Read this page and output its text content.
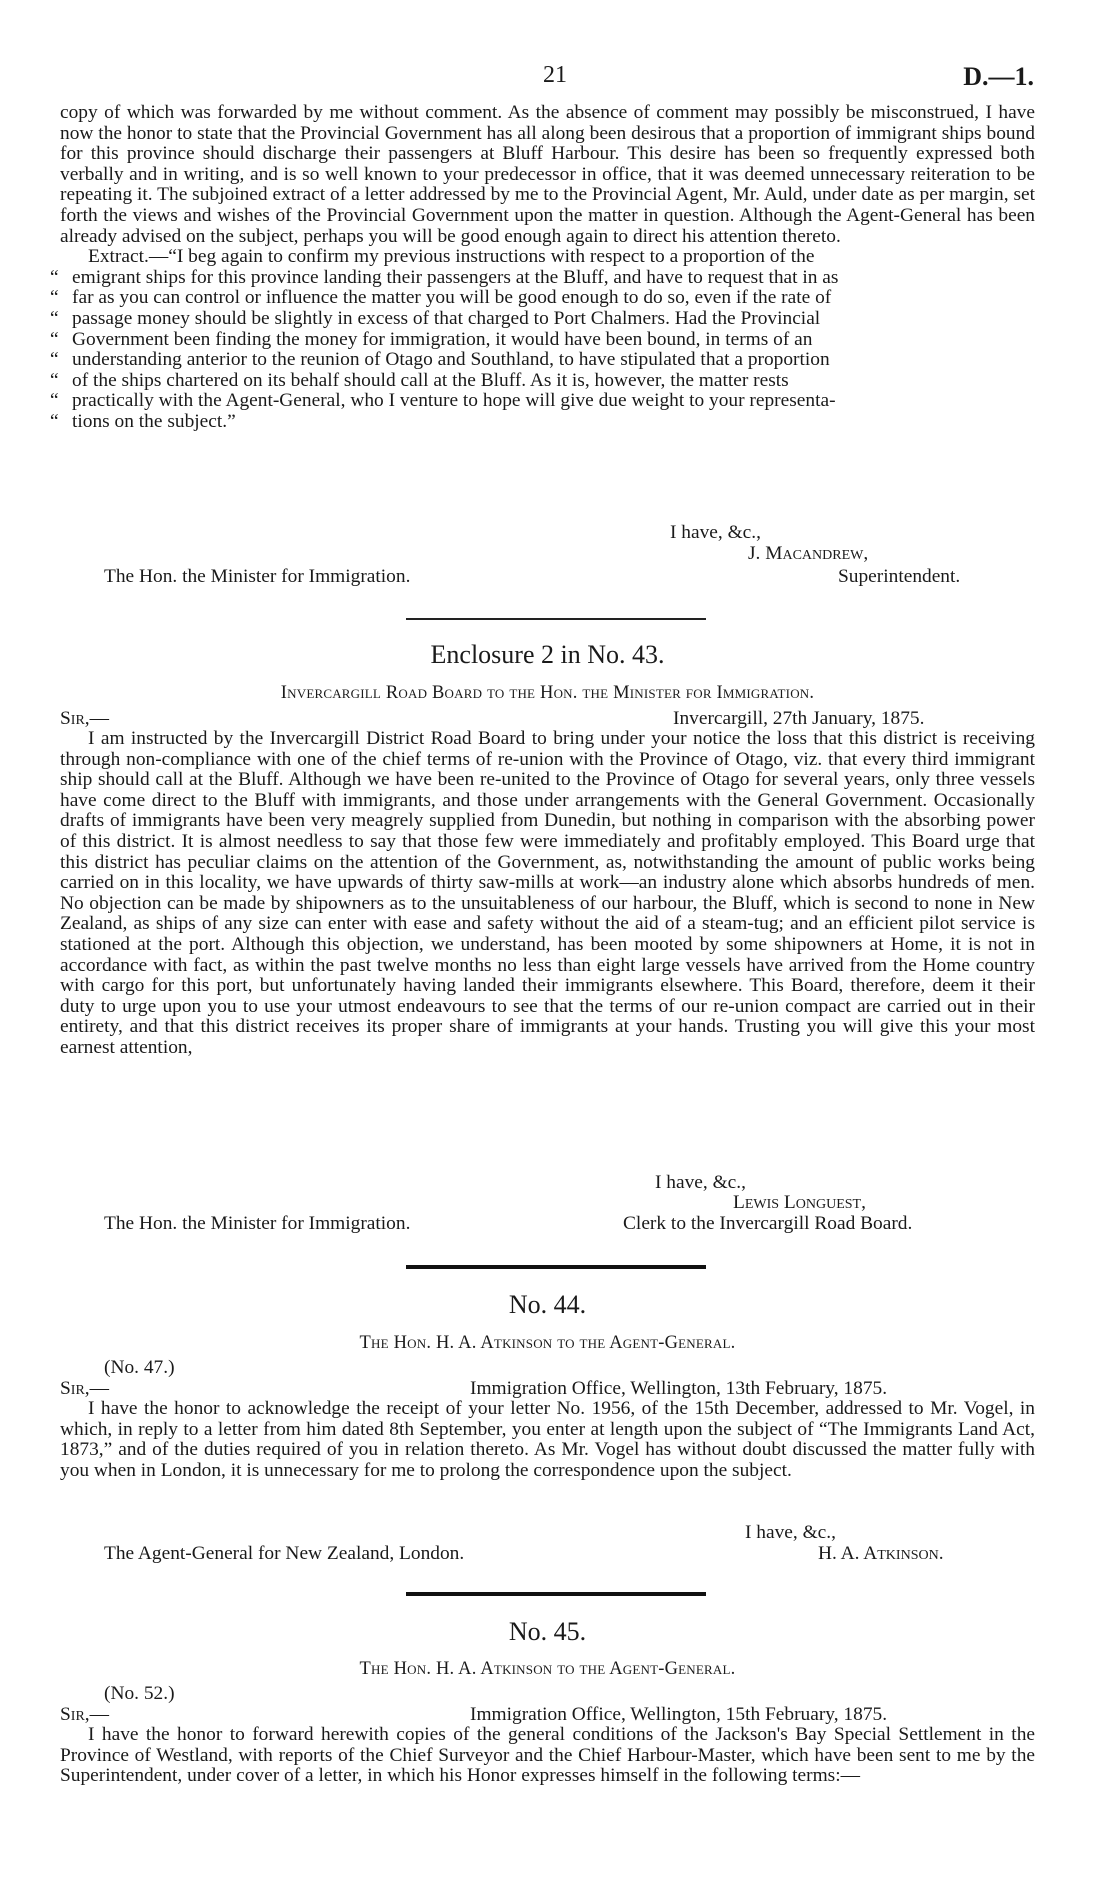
21	D.—1.

copy of which was forwarded by me without comment. As the absence of comment may possibly be misconstrued, I have now the honor to state that the Provincial Government has all along been desirous that a proportion of immigrant ships bound for this province should discharge their passengers at Bluff Harbour. This desire has been so frequently expressed both verbally and in writing, and is so well known to your predecessor in office, that it was deemed unnecessary reiteration to be repeating it. The subjoined extract of a letter addressed by me to the Provincial Agent, Mr. Auld, under date as per margin, set forth the views and wishes of the Provincial Government upon the matter in question. Although the Agent-General has been already advised on the subject, perhaps you will be good enough again to direct his attention thereto.

Extract.—“I beg again to confirm my previous instructions with respect to a proportion of the

“ emigrant ships for this province landing their passengers at the Bluff, and have to request that in as

“ far as you can control or influence the matter you will be good enough to do so, even if the rate of

“ passage money should be slightly in excess of that charged to Port Chalmers. Had the Provincial

“ Government been finding the money for immigration, it would have been bound, in terms of an

“ understanding anterior to the reunion of Otago and Southland, to have stipulated that a proportion

“ of the ships chartered on its behalf should call at the Bluff. As it is, however, the matter rests

“ practically with the Agent-General, who I venture to hope will give due weight to your representa-

“ tions on the subject.”

I have, &c.,
J. Macandrew,
The Hon. the Minister for Immigration.	Superintendent.
Enclosure 2 in No. 43.
Invercargill Road Board to the Hon. the Minister for Immigration.
Sir,—	Invercargill, 27th January, 1875.

I am instructed by the Invercargill District Road Board to bring under your notice the loss that this district is receiving through non-compliance with one of the chief terms of re-union with the Province of Otago, viz. that every third immigrant ship should call at the Bluff. Although we have been re-united to the Province of Otago for several years, only three vessels have come direct to the Bluff with immigrants, and those under arrangements with the General Government. Occasionally drafts of immigrants have been very meagrely supplied from Dunedin, but nothing in comparison with the absorbing power of this district. It is almost needless to say that those few were immediately and profitably employed. This Board urge that this district has peculiar claims on the attention of the Government, as, notwithstanding the amount of public works being carried on in this locality, we have upwards of thirty saw-mills at work—an industry alone which absorbs hundreds of men. No objection can be made by shipowners as to the unsuitableness of our harbour, the Bluff, which is second to none in New Zealand, as ships of any size can enter with ease and safety without the aid of a steam-tug; and an efficient pilot service is stationed at the port. Although this objection, we understand, has been mooted by some shipowners at Home, it is not in accordance with fact, as within the past twelve months no less than eight large vessels have arrived from the Home country with cargo for this port, but unfortunately having landed their immigrants elsewhere. This Board, therefore, deem it their duty to urge upon you to use your utmost endeavours to see that the terms of our re-union compact are carried out in their entirety, and that this district receives its proper share of immigrants at your hands. Trusting you will give this your most earnest attention,

I have, &c.,
Lewis Longuest,
The Hon. the Minister for Immigration.	Clerk to the Invercargill Road Board.
No. 44.
The Hon. H. A. Atkinson to the Agent-General.
(No. 47.)
Sir,—	Immigration Office, Wellington, 13th February, 1875.

I have the honor to acknowledge the receipt of your letter No. 1956, of the 15th December, addressed to Mr. Vogel, in which, in reply to a letter from him dated 8th September, you enter at length upon the subject of “The Immigrants Land Act, 1873,” and of the duties required of you in relation thereto. As Mr. Vogel has without doubt discussed the matter fully with you when in London, it is unnecessary for me to prolong the correspondence upon the subject.

I have, &c.,
The Agent-General for New Zealand, London.	H. A. Atkinson.
No. 45.
The Hon. H. A. Atkinson to the Agent-General.
(No. 52.)
Sir,—	Immigration Office, Wellington, 15th February, 1875.

I have the honor to forward herewith copies of the general conditions of the Jackson's Bay Special Settlement in the Province of Westland, with reports of the Chief Surveyor and the Chief Harbour-Master, which have been sent to me by the Superintendent, under cover of a letter, in which his Honor expresses himself in the following terms:—
